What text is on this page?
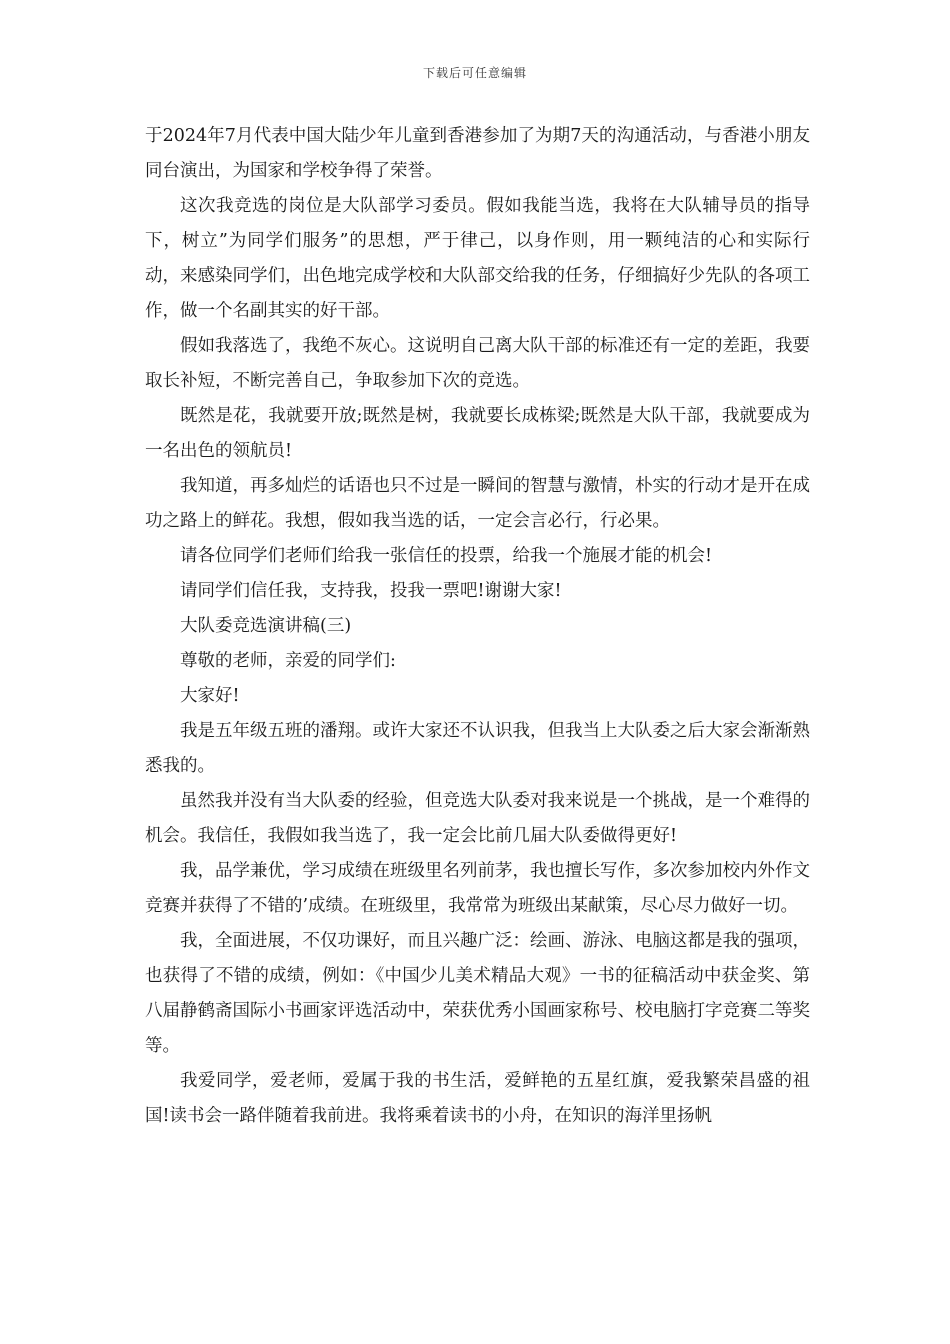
下载后可任意编辑

于2024年7月代表中国大陆少年儿童到香港参加了为期7天的沟通活动，与香港小朋友同台演出，为国家和学校争得了荣誉。

这次我竞选的岗位是大队部学习委员。假如我能当选，我将在大队辅导员的指导下，树立”为同学们服务”的思想，严于律己，以身作则，用一颗纯洁的心和实际行动，来感染同学们，出色地完成学校和大队部交给我的任务，仔细搞好少先队的各项工作，做一个名副其实的好干部。

假如我落选了，我绝不灰心。这说明自己离大队干部的标准还有一定的差距，我要取长补短，不断完善自己，争取参加下次的竞选。

既然是花，我就要开放;既然是树，我就要长成栋梁;既然是大队干部，我就要成为一名出色的领航员!

我知道，再多灿烂的话语也只不过是一瞬间的智慧与激情，朴实的行动才是开在成功之路上的鲜花。我想，假如我当选的话，一定会言必行，行必果。

请各位同学们老师们给我一张信任的投票，给我一个施展才能的机会!

请同学们信任我，支持我，投我一票吧!谢谢大家!

大队委竞选演讲稿(三)

尊敬的老师，亲爱的同学们:

大家好!

我是五年级五班的潘翔。或许大家还不认识我，但我当上大队委之后大家会渐渐熟悉我的。

虽然我并没有当大队委的经验，但竞选大队委对我来说是一个挑战，是一个难得的机会。我信任，我假如我当选了，我一定会比前几届大队委做得更好!

我，品学兼优，学习成绩在班级里名列前茅，我也擅长写作，多次参加校内外作文竞赛并获得了不错的’成绩。在班级里，我常常为班级出某献策，尽心尽力做好一切。

我，全面进展，不仅功课好，而且兴趣广泛：绘画、游泳、电脑这都是我的强项，也获得了不错的成绩，例如：《中国少儿美术精品大观》一书的征稿活动中获金奖、第八届静鹤斋国际小书画家评选活动中，荣获优秀小国画家称号、校电脑打字竞赛二等奖等。

我爱同学，爱老师，爱属于我的书生活，爱鲜艳的五星红旗，爱我繁荣昌盛的祖国!读书会一路伴随着我前进。我将乘着读书的小舟，在知识的海洋里扬帆
